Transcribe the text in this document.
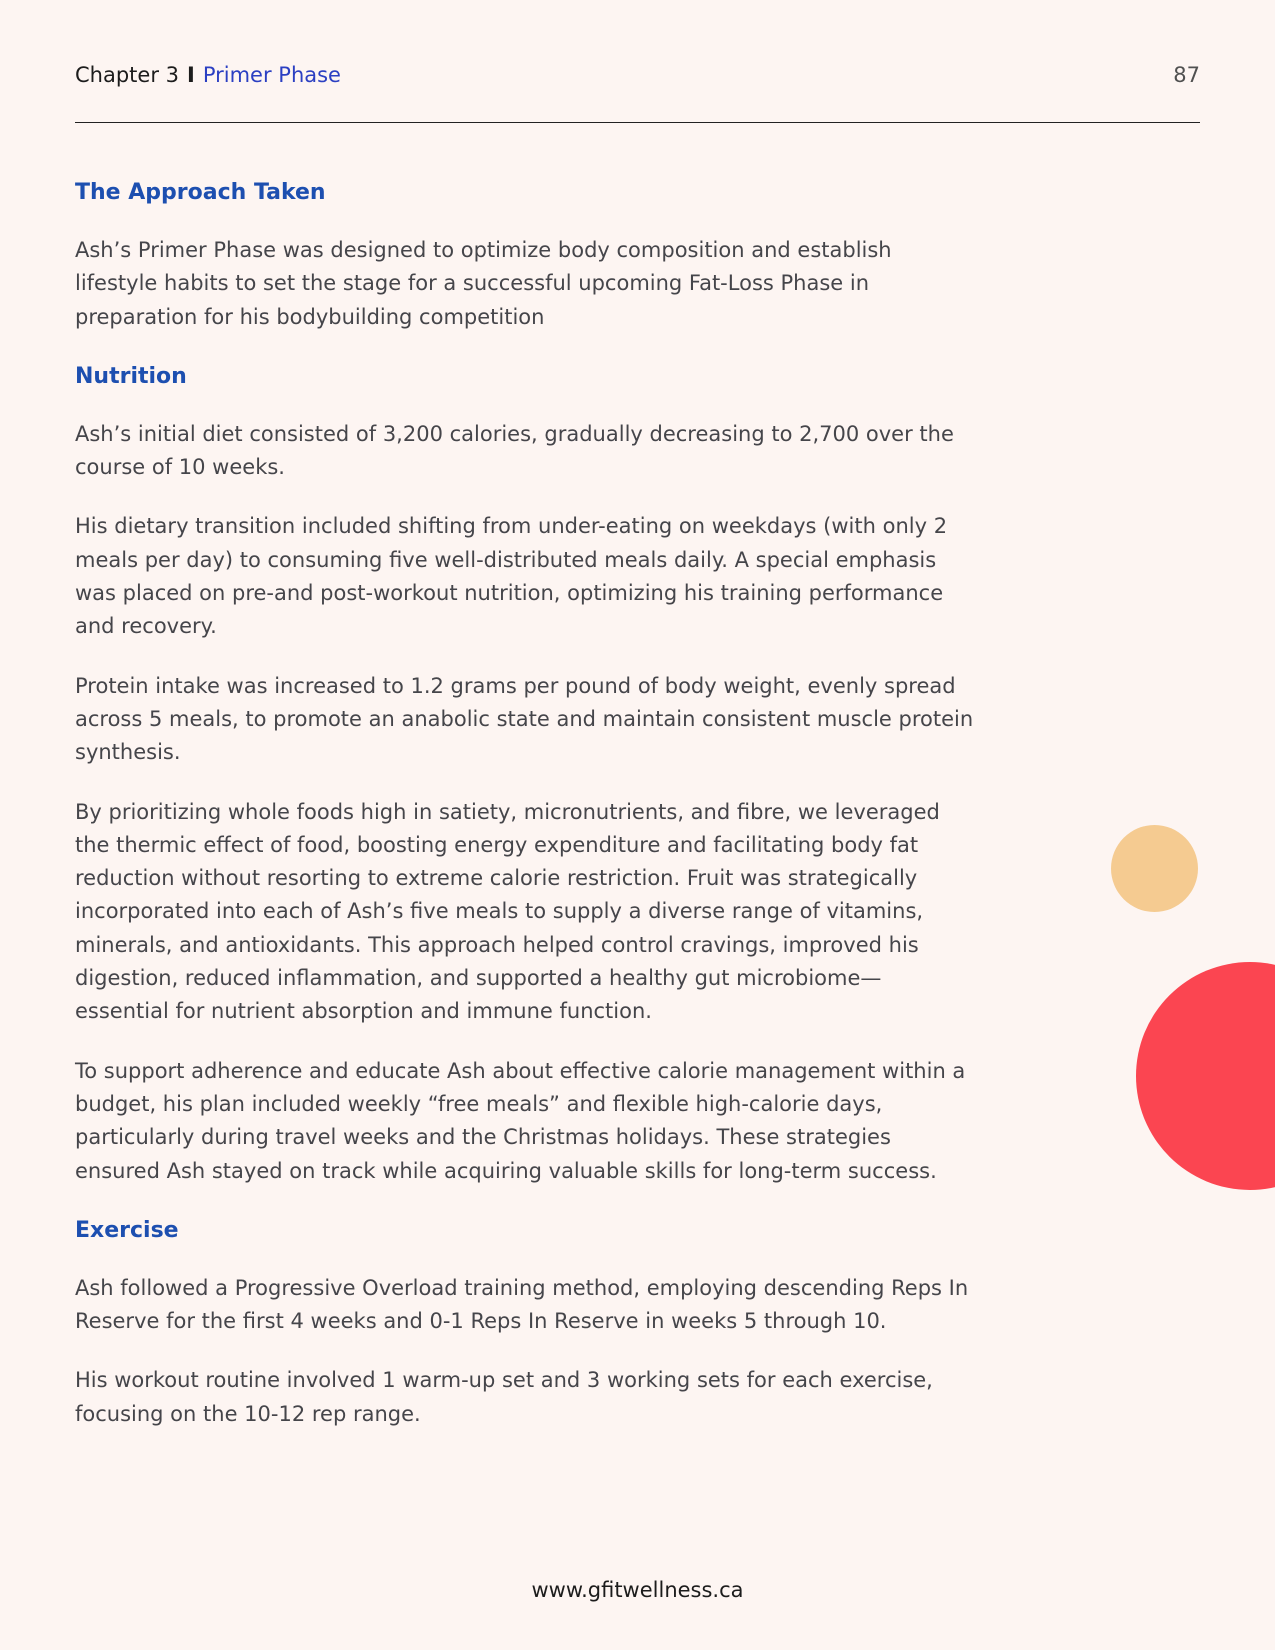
Chapter 3 I Primer Phase	87
The Approach Taken

Ash’s Primer Phase was designed to optimize body composition and establish lifestyle habits to set the stage for a successful upcoming Fat-Loss Phase in preparation for his bodybuilding competition

Nutrition

Ash’s initial diet consisted of 3,200 calories, gradually decreasing to 2,700 over the course of 10 weeks.

His dietary transition included shifting from under-eating on weekdays (with only 2 meals per day) to consuming five well-distributed meals daily. A special emphasis was placed on pre-and post-workout nutrition, optimizing his training performance and recovery.

Protein intake was increased to 1.2 grams per pound of body weight, evenly spread across 5 meals, to promote an anabolic state and maintain consistent muscle protein synthesis.

By prioritizing whole foods high in satiety, micronutrients, and fibre, we leveraged the thermic effect of food, boosting energy expenditure and facilitating body fat reduction without resorting to extreme calorie restriction. Fruit was strategically incorporated into each of Ash’s five meals to supply a diverse range of vitamins, minerals, and antioxidants. This approach helped control cravings, improved his digestion, reduced inflammation, and supported a healthy gut microbiome—essential for nutrient absorption and immune function.

To support adherence and educate Ash about effective calorie management within a budget, his plan included weekly “free meals” and flexible high-calorie days, particularly during travel weeks and the Christmas holidays. These strategies ensured Ash stayed on track while acquiring valuable skills for long-term success.

Exercise

Ash followed a Progressive Overload training method, employing descending Reps In Reserve for the first 4 weeks and 0-1 Reps In Reserve in weeks 5 through 10.

His workout routine involved 1 warm-up set and 3 working sets for each exercise, focusing on the 10-12 rep range.

www.gfitwellness.ca
